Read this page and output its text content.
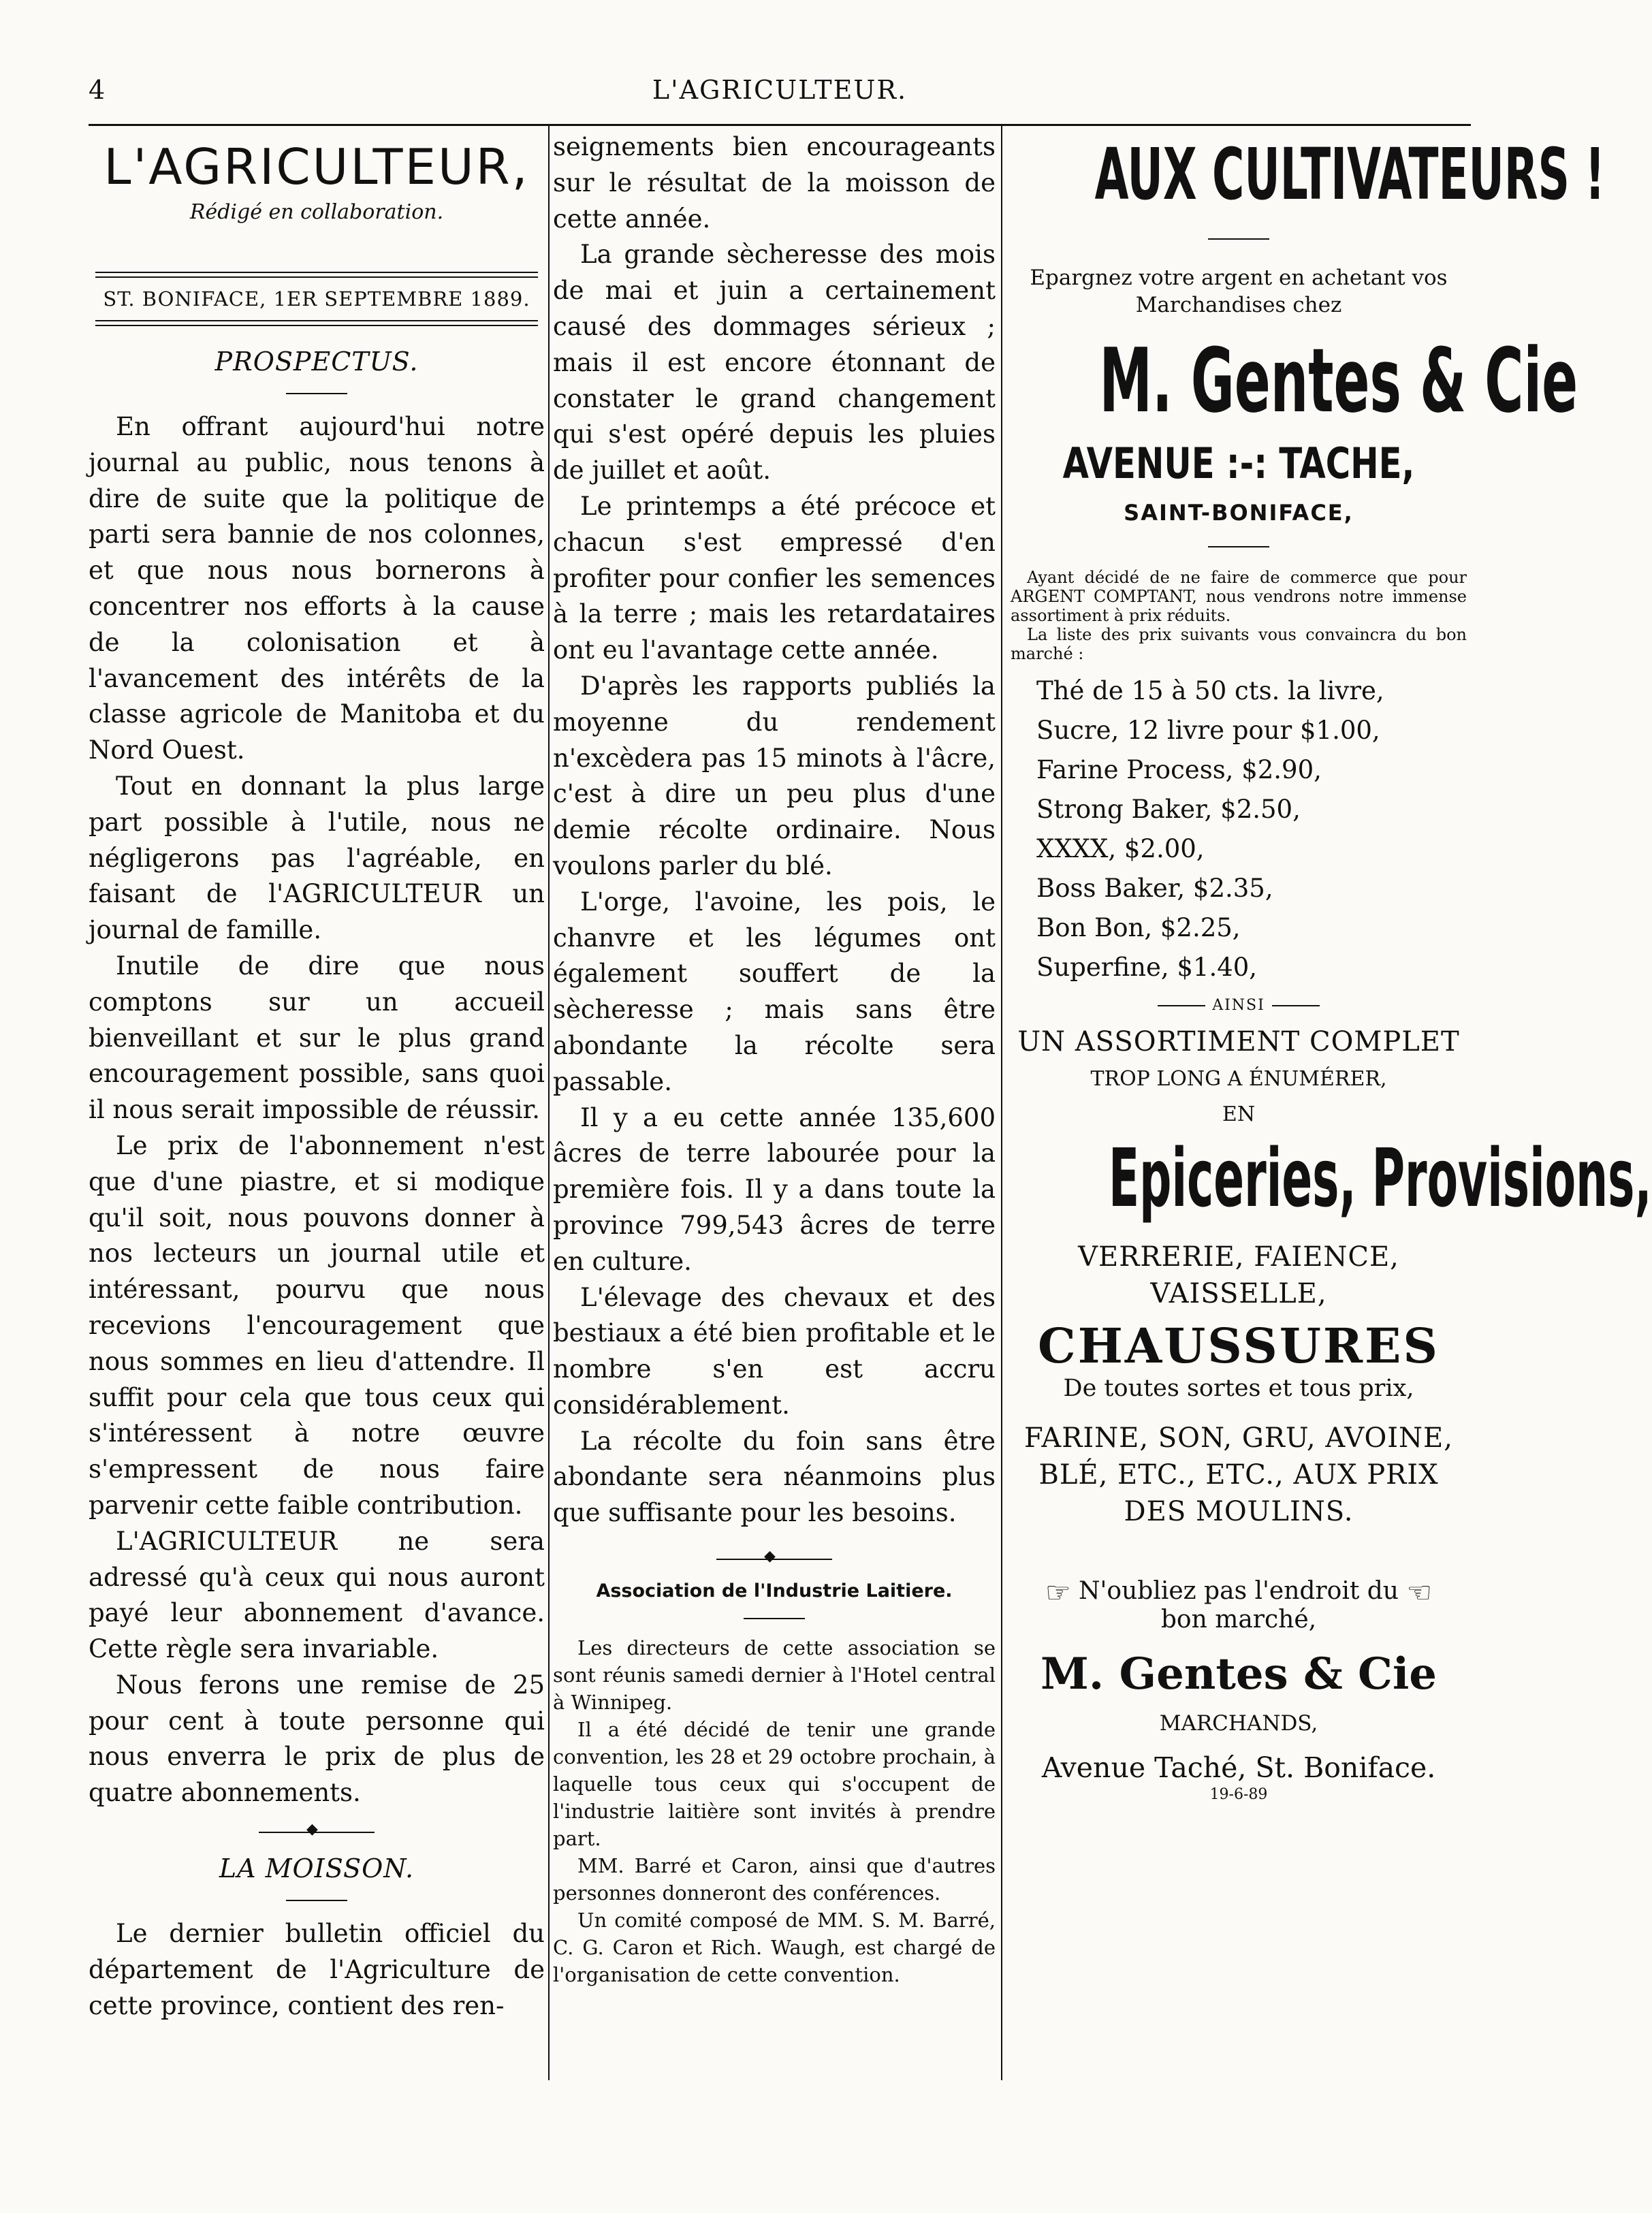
4	L'AGRICULTEUR.
L'AGRICULTEUR,
Rédigé en collaboration.
ST. BONIFACE, 1ER SEPTEMBRE 1889.
PROSPECTUS.

En offrant aujourd'hui notre journal au public, nous tenons à dire de suite que la politique de parti sera bannie de nos colonnes, et que nous nous bornerons à concentrer nos efforts à la cause de la colonisation et à l'avancement des intérêts de la classe agricole de Manitoba et du Nord Ouest.

Tout en donnant la plus large part possible à l'utile, nous ne négligerons pas l'agréable, en faisant de l'AGRICULTEUR un journal de famille.

Inutile de dire que nous comptons sur un accueil bienveillant et sur le plus grand encouragement possible, sans quoi il nous serait impossible de réussir.

Le prix de l'abonnement n'est que d'une piastre, et si modique qu'il soit, nous pouvons donner à nos lecteurs un journal utile et intéressant, pourvu que nous recevions l'encouragement que nous sommes en lieu d'attendre. Il suffit pour cela que tous ceux qui s'intéressent à notre œuvre s'empressent de nous faire parvenir cette faible contribution.

L'AGRICULTEUR ne sera adressé qu'à ceux qui nous auront payé leur abonnement d'avance. Cette règle sera invariable.

Nous ferons une remise de 25 pour cent à toute personne qui nous enverra le prix de plus de quatre abonnements.

◆
LA MOISSON.

Le dernier bulletin officiel du département de l'Agriculture de cette province, contient des ren-

seignements bien encourageants sur le résultat de la moisson de cette année.

La grande sècheresse des mois de mai et juin a certainement causé des dommages sérieux ; mais il est encore étonnant de constater le grand changement qui s'est opéré depuis les pluies de juillet et août.

Le printemps a été précoce et chacun s'est empressé d'en profiter pour confier les semences à la terre ; mais les retardataires ont eu l'avantage cette année.

D'après les rapports publiés la moyenne du rendement n'excèdera pas 15 minots à l'âcre, c'est à dire un peu plus d'une demie récolte ordinaire. Nous voulons parler du blé.

L'orge, l'avoine, les pois, le chanvre et les légumes ont également souffert de la sècheresse ; mais sans être abondante la récolte sera passable.

Il y a eu cette année 135,600 âcres de terre labourée pour la première fois. Il y a dans toute la province 799,543 âcres de terre en culture.

L'élevage des chevaux et des bestiaux a été bien profitable et le nombre s'en est accru considérablement.

La récolte du foin sans être abondante sera néanmoins plus que suffisante pour les besoins.

◆
Association de l'Industrie Laitiere.

Les directeurs de cette association se sont réunis samedi dernier à l'Hotel central à Winnipeg.

Il a été décidé de tenir une grande convention, les 28 et 29 octobre prochain, à laquelle tous ceux qui s'occupent de l'industrie laitière sont invités à prendre part.

MM. Barré et Caron, ainsi que d'autres personnes donneront des conférences.

Un comité composé de MM. S. M. Barré, C. G. Caron et Rich. Waugh, est chargé de l'organisation de cette convention.

AUX CULTIVATEURS !
Epargnez votre argent en achetant vos Marchandises chez
M. Gentes & Cie
AVENUE :-: TACHE,
SAINT-BONIFACE,

Ayant décidé de ne faire de commerce que pour ARGENT COMPTANT, nous vendrons notre immense assortiment à prix réduits.

La liste des prix suivants vous convaincra du bon marché :

Thé de 15 à 50 cts. la livre,
Sucre, 12 livre pour $1.00,
Farine Process, $2.90,
Strong Baker, $2.50,
XXXX, $2.00,
Boss Baker, $2.35,
Bon Bon, $2.25,
Superfine, $1.40,
AINSI
UN ASSORTIMENT COMPLET
TROP LONG A ÉNUMÉRER,
EN
Epiceries, Provisions,
VERRERIE, FAIENCE,
VAISSELLE,
CHAUSSURES
De toutes sortes et tous prix,
FARINE, SON, GRU, AVOINE,
BLÉ, ETC., ETC., AUX PRIX
DES MOULINS.
☞ N'oubliez pas l'endroit du ☜
bon marché,
M. Gentes & Cie
MARCHANDS,
Avenue Taché, St. Boniface.
19-6-89
